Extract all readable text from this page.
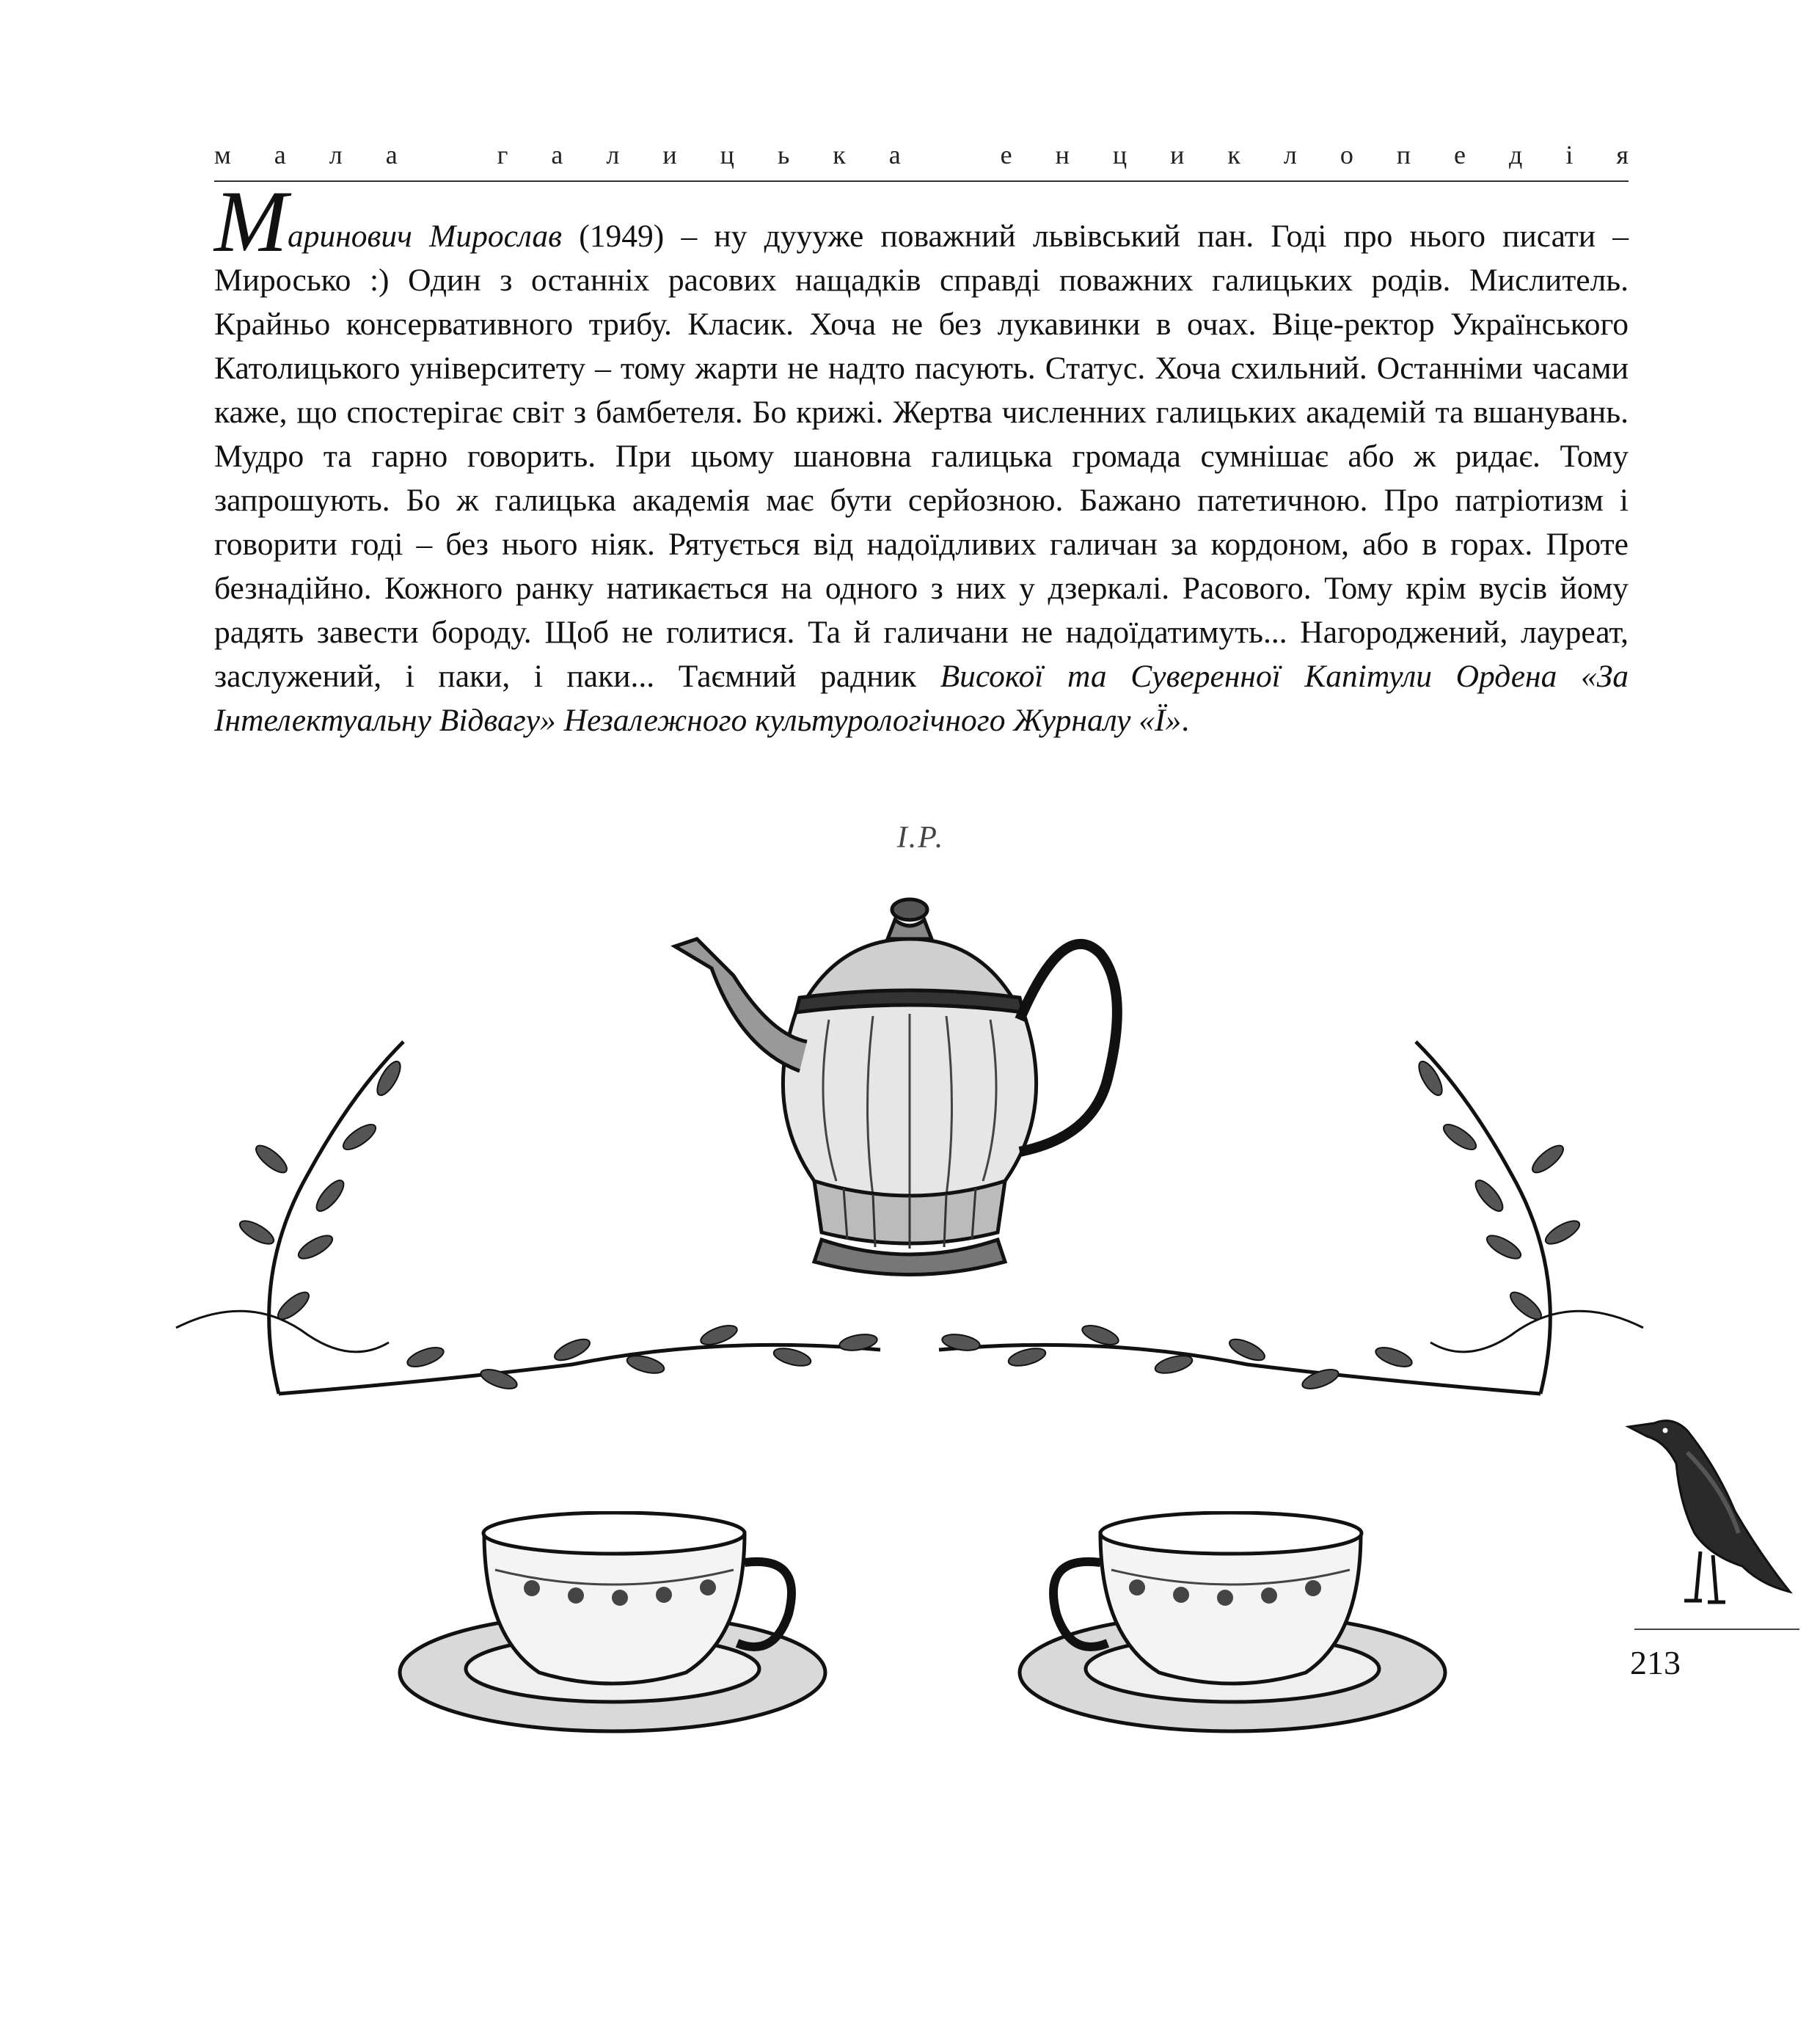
м а л а
	г а л и ц ь к а
	е н ц и к л о п е д і я
Маринович Мирослав (1949) – ну дуууже поважний львівський пан. Годі про нього писати – Миросько :) Один з останніх расових нащадків справді поважних галицьких родів. Мислитель. Крайньо консервативного трибу. Класик. Хоча не без лукавинки в очах. Віце-ректор Українського Католицького університету – тому жарти не надто пасують. Статус. Хоча схильний. Останніми часами каже, що спостерігає світ з бамбетеля. Бо крижі. Жертва численних галицьких академій та вшанувань. Мудро та гарно говорить. При цьому шановна галицька громада сумнішає або ж ридає. Тому запрошують. Бо ж галицька академія має бути серйозною. Бажано патетичною. Про патріотизм і говорити годі – без нього ніяк. Рятується від надоїдливих галичан за кордоном, або в горах. Проте безнадійно. Кожного ранку натикається на одного з них у дзеркалі. Расового. Тому крім вусів йому радять завести бороду. Щоб не голитися. Та й галичани не надоїдатимуть... Нагороджений, лауреат, заслужений, і паки, і паки... Таємний радник Високої та Суверенної Капітули Ордена «За Інтелектуальну Відвагу» Незалежного культурологічного Журналу «Ї».
І.Р.
213
